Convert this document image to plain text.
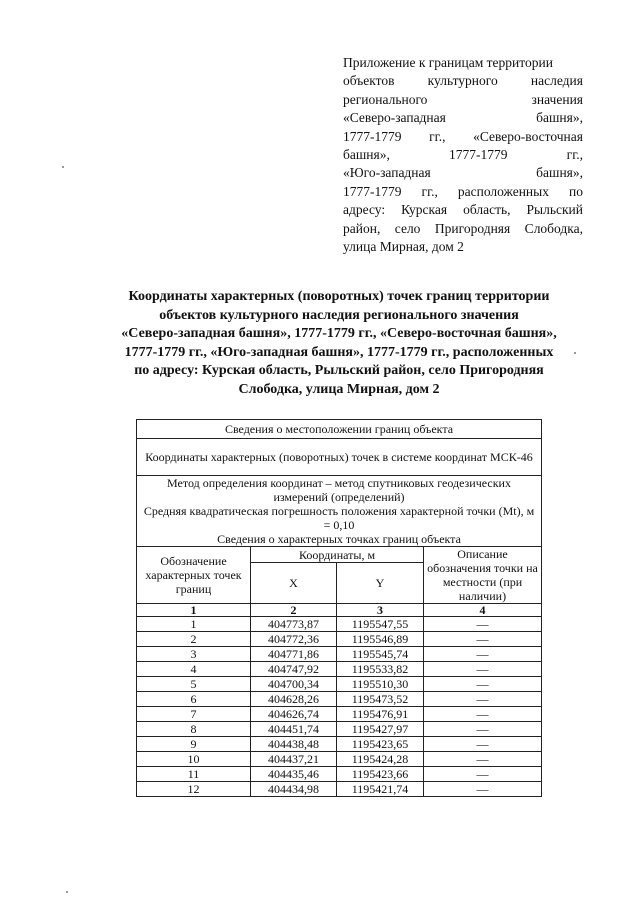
Приложение к границам территории

объектов культурного наследия

регионального значения

«Северо-западная башня»,

1777-1779 гг., «Северо-восточная

башня», 1777-1779 гг.,

«Юго-западная башня»,

1777-1779 гг., расположенных по

адресу: Курская область, Рыльский

район, село Пригородняя Слободка,

улица Мирная, дом 2

Координаты характерных (поворотных) точек границ территории

объектов культурного наследия регионального значения

«Северо-западная башня», 1777-1779 гг., «Северо-восточная башня»,

1777-1779 гг., «Юго-западная башня», 1777-1779 гг., расположенных

по адресу: Курская область, Рыльский район, село Пригородняя

Слободка, улица Мирная, дом 2

Сведения о местоположении границ объекта			
Координаты характерных (поворотных) точек в системе координат МСК-46			

Метод определения координат – метод спутниковых геодезических измерений (определений)
Средняя квадратическая погрешность положения характерной точки (Mt), м = 0,10
Сведения о характерных точках границ объекта			

Обозначение характерных точек границ	Координаты, м		Описание обозначения точки на местности (при наличии)
	X	Y	
1	2	3	4
1	404773,87	1195547,55	—
2	404772,36	1195546,89	—
3	404771,86	1195545,74	—
4	404747,92	1195533,82	—
5	404700,34	1195510,30	—
6	404628,26	1195473,52	—
7	404626,74	1195476,91	—
8	404451,74	1195427,97	—
9	404438,48	1195423,65	—
10	404437,21	1195424,28	—
11	404435,46	1195423,66	—
12	404434,98	1195421,74	—
